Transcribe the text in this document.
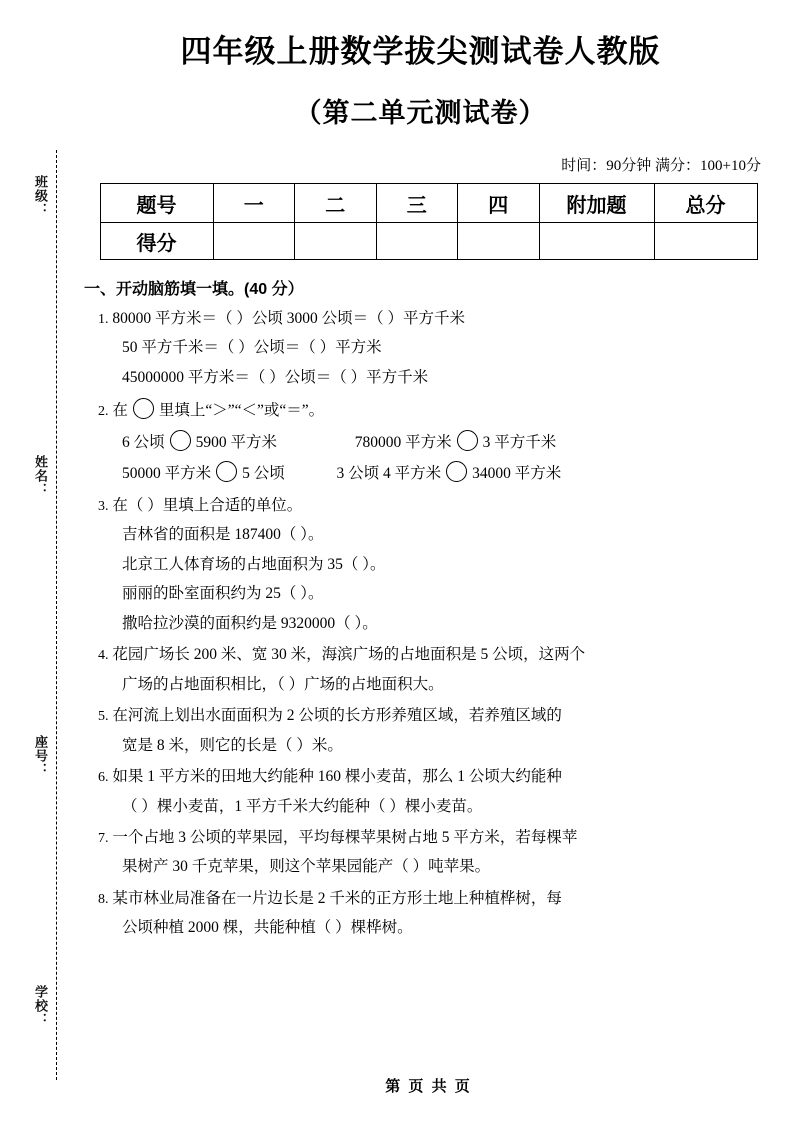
班级：
姓名：
座号：
学校：
四年级上册数学拔尖测试卷人教版
（第二单元测试卷）
时间：90分钟 满分：100+10分
题号	一	二	三	四	附加题	总分
得分						
一、开动脑筋填一填。(40 分）
1. 80000 平方米＝（ ）公顷 3000 公顷＝（ ）平方千米
50 平方千米＝（ ）公顷＝（ ）平方米
45000000 平方米＝（ ）公顷＝（ ）平方千米
2. 在 里填上“＞”“＜”或“＝”。
6 公顷 5900 平方米	780000 平方米 3 平方千米
50000 平方米 5 公顷	3 公顷 4 平方米 34000 平方米
3. 在（ ）里填上合适的单位。
吉林省的面积是 187400（ ）。
北京工人体育场的占地面积为 35（ ）。
丽丽的卧室面积约为 25（ ）。
撒哈拉沙漠的面积约是 9320000（ ）。
4. 花园广场长 200 米、宽 30 米，海滨广场的占地面积是 5 公顷，这两个
广场的占地面积相比，（ ）广场的占地面积大。
5. 在河流上划出水面面积为 2 公顷的长方形养殖区域，若养殖区域的
宽是 8 米，则它的长是（ ）米。
6. 如果 1 平方米的田地大约能种 160 棵小麦苗，那么 1 公顷大约能种
（ ）棵小麦苗，1 平方千米大约能种（ ）棵小麦苗。
7. 一个占地 3 公顷的苹果园，平均每棵苹果树占地 5 平方米，若每棵苹
果树产 30 千克苹果，则这个苹果园能产（ ）吨苹果。
8. 某市林业局准备在一片边长是 2 千米的正方形土地上种植桦树，每
公顷种植 2000 棵，共能种植（ ）棵桦树。
第 页 共 页
